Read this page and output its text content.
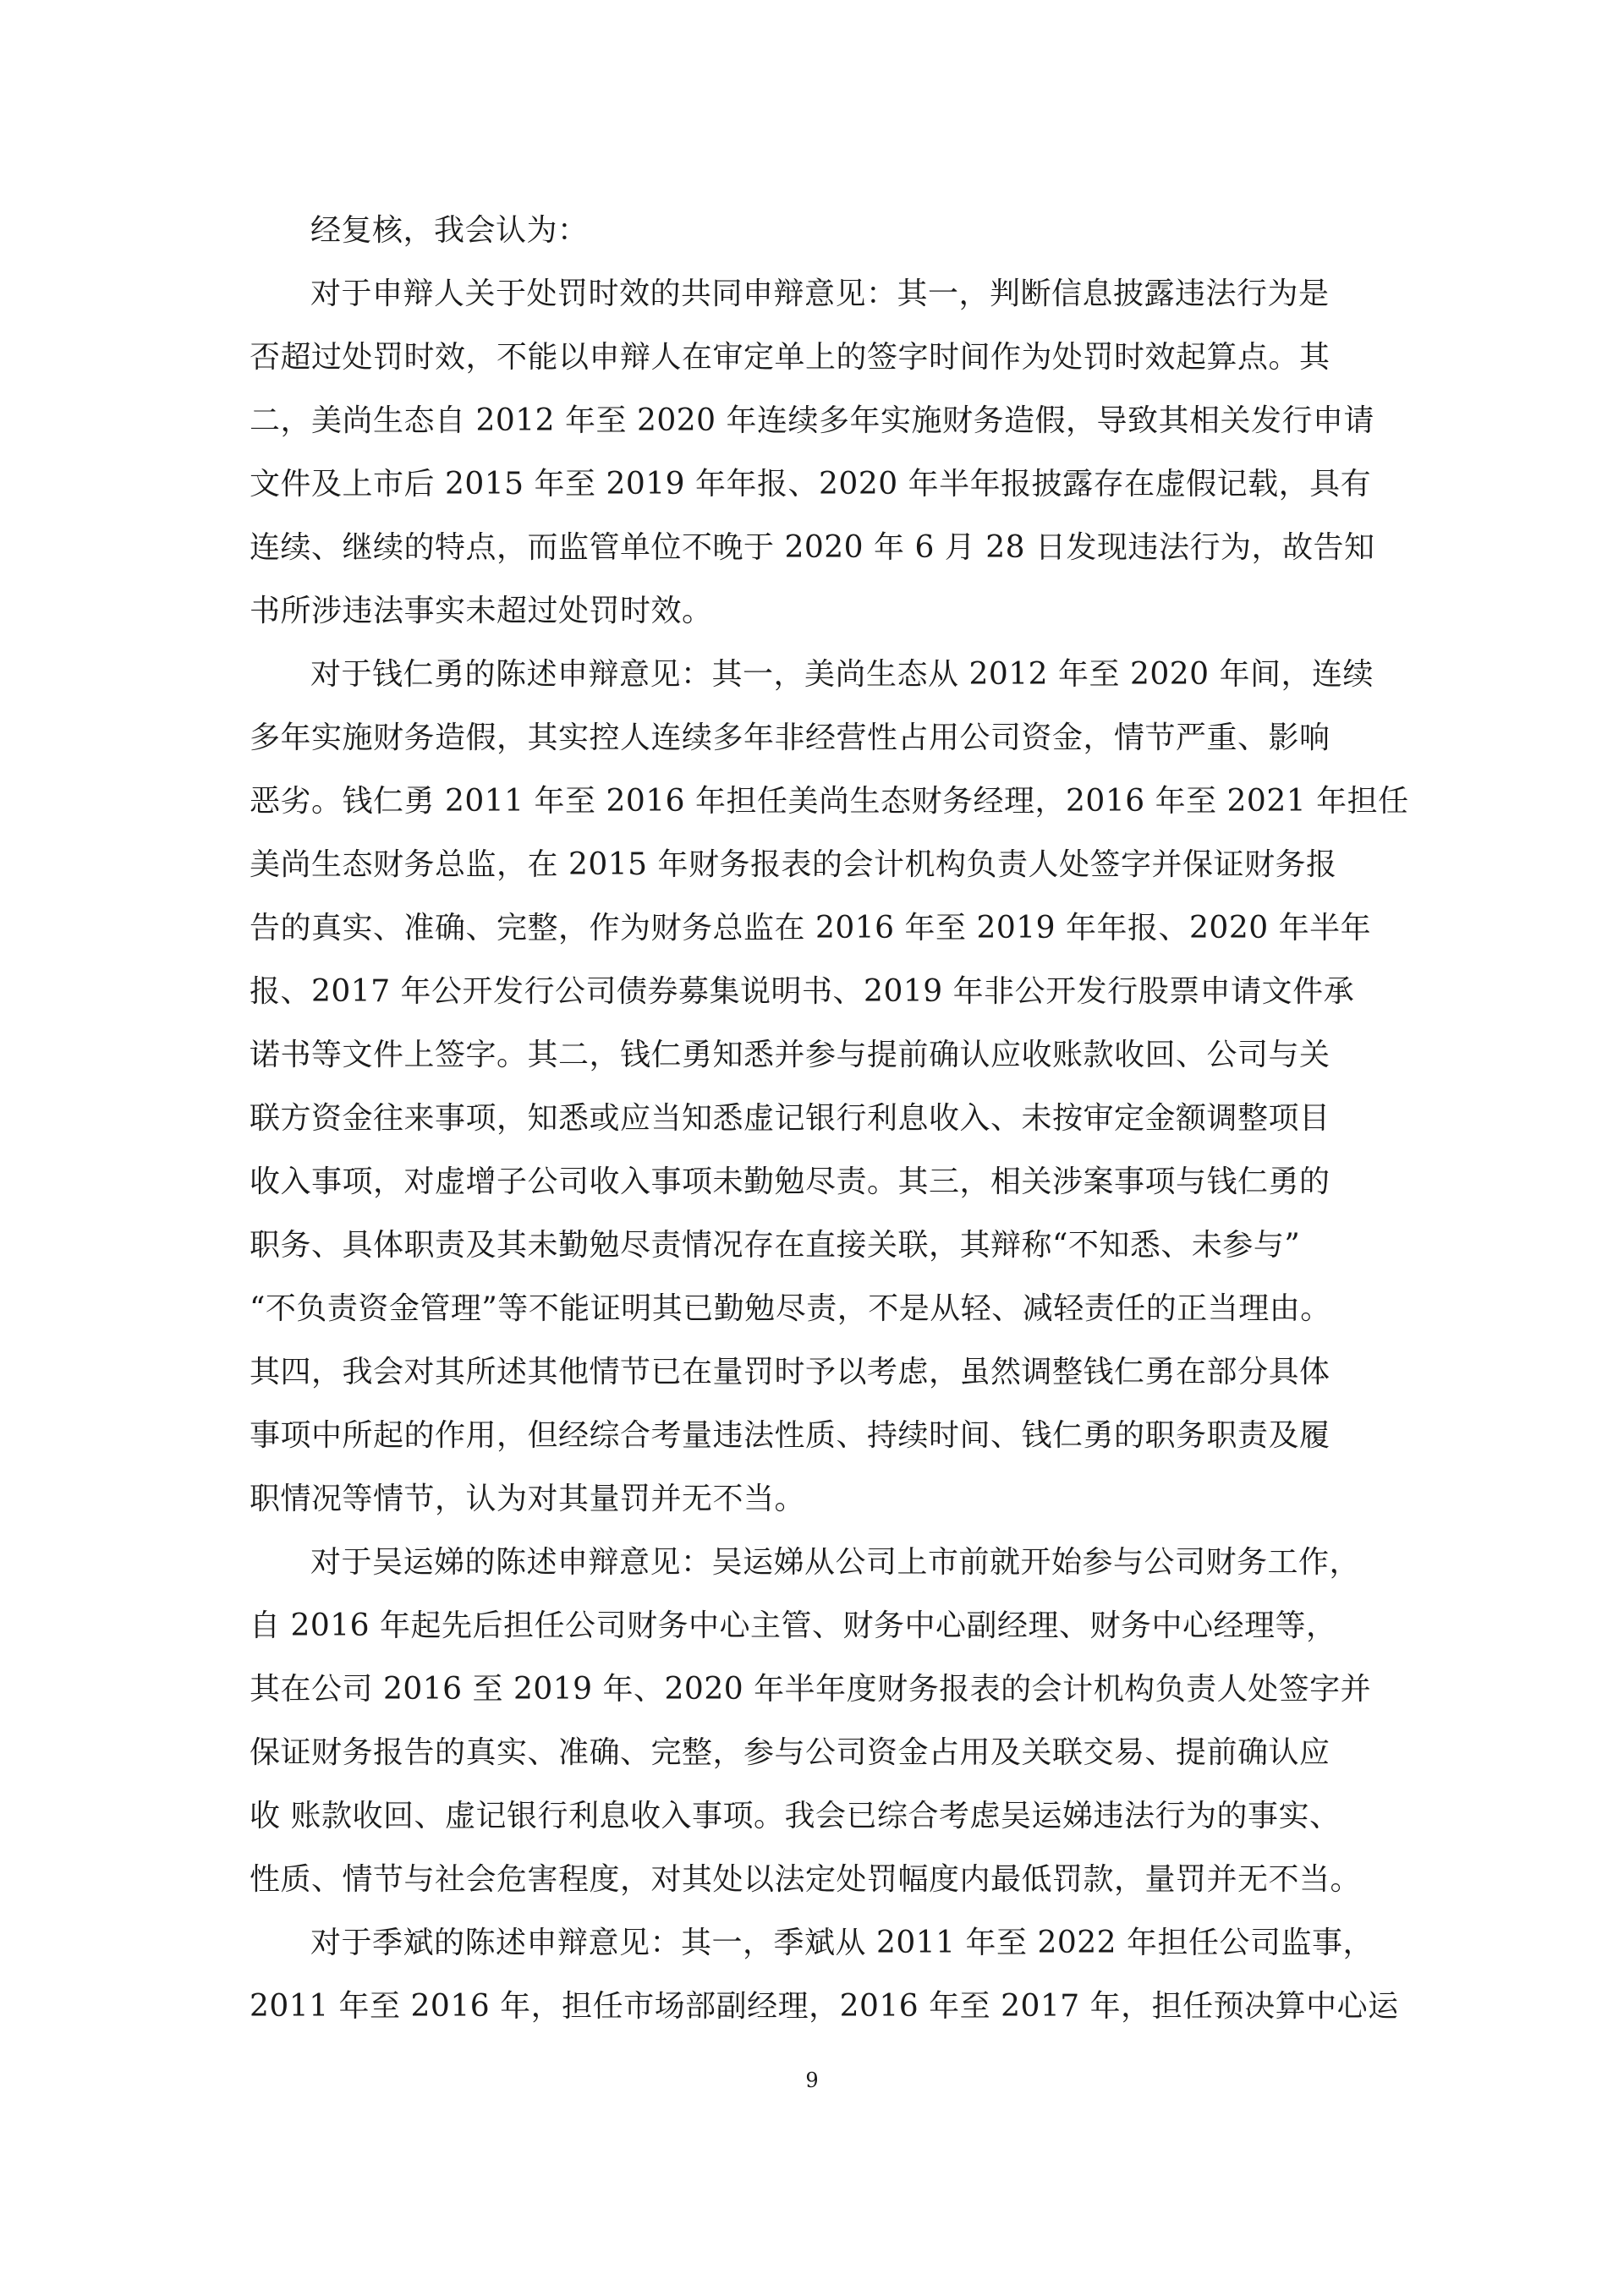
经复核，我会认为：
对于申辩人关于处罚时效的共同申辩意见：其一，判断信息披露违法行为是
否超过处罚时效，不能以申辩人在审定单上的签字时间作为处罚时效起算点。其
二，美尚生态自 2012 年至 2020 年连续多年实施财务造假，导致其相关发行申请
文件及上市后 2015 年至 2019 年年报、2020 年半年报披露存在虚假记载，具有
连续、继续的特点，而监管单位不晚于 2020 年 6 月 28 日发现违法行为，故告知
书所涉违法事实未超过处罚时效。
对于钱仁勇的陈述申辩意见：其一，美尚生态从 2012 年至 2020 年间，连续
多年实施财务造假，其实控人连续多年非经营性占用公司资金，情节严重、影响
恶劣。钱仁勇 2011 年至 2016 年担任美尚生态财务经理，2016 年至 2021 年担任
美尚生态财务总监，在 2015 年财务报表的会计机构负责人处签字并保证财务报
告的真实、准确、完整，作为财务总监在 2016 年至 2019 年年报、2020 年半年
报、2017 年公开发行公司债券募集说明书、2019 年非公开发行股票申请文件承
诺书等文件上签字。其二，钱仁勇知悉并参与提前确认应收账款收回、公司与关
联方资金往来事项，知悉或应当知悉虚记银行利息收入、未按审定金额调整项目
收入事项，对虚增子公司收入事项未勤勉尽责。其三，相关涉案事项与钱仁勇的
职务、具体职责及其未勤勉尽责情况存在直接关联，其辩称“不知悉、未参与”
“不负责资金管理”等不能证明其已勤勉尽责，不是从轻、减轻责任的正当理由。
其四，我会对其所述其他情节已在量罚时予以考虑，虽然调整钱仁勇在部分具体
事项中所起的作用，但经综合考量违法性质、持续时间、钱仁勇的职务职责及履
职情况等情节，认为对其量罚并无不当。
对于吴运娣的陈述申辩意见：吴运娣从公司上市前就开始参与公司财务工作，
自 2016 年起先后担任公司财务中心主管、财务中心副经理、财务中心经理等，
其在公司 2016 至 2019 年、2020 年半年度财务报表的会计机构负责人处签字并
保证财务报告的真实、准确、完整，参与公司资金占用及关联交易、提前确认应
收 账款收回、虚记银行利息收入事项。我会已综合考虑吴运娣违法行为的事实、
性质、情节与社会危害程度，对其处以法定处罚幅度内最低罚款，量罚并无不当。
对于季斌的陈述申辩意见：其一，季斌从 2011 年至 2022 年担任公司监事，
2011 年至 2016 年，担任市场部副经理，2016 年至 2017 年，担任预决算中心运
9
